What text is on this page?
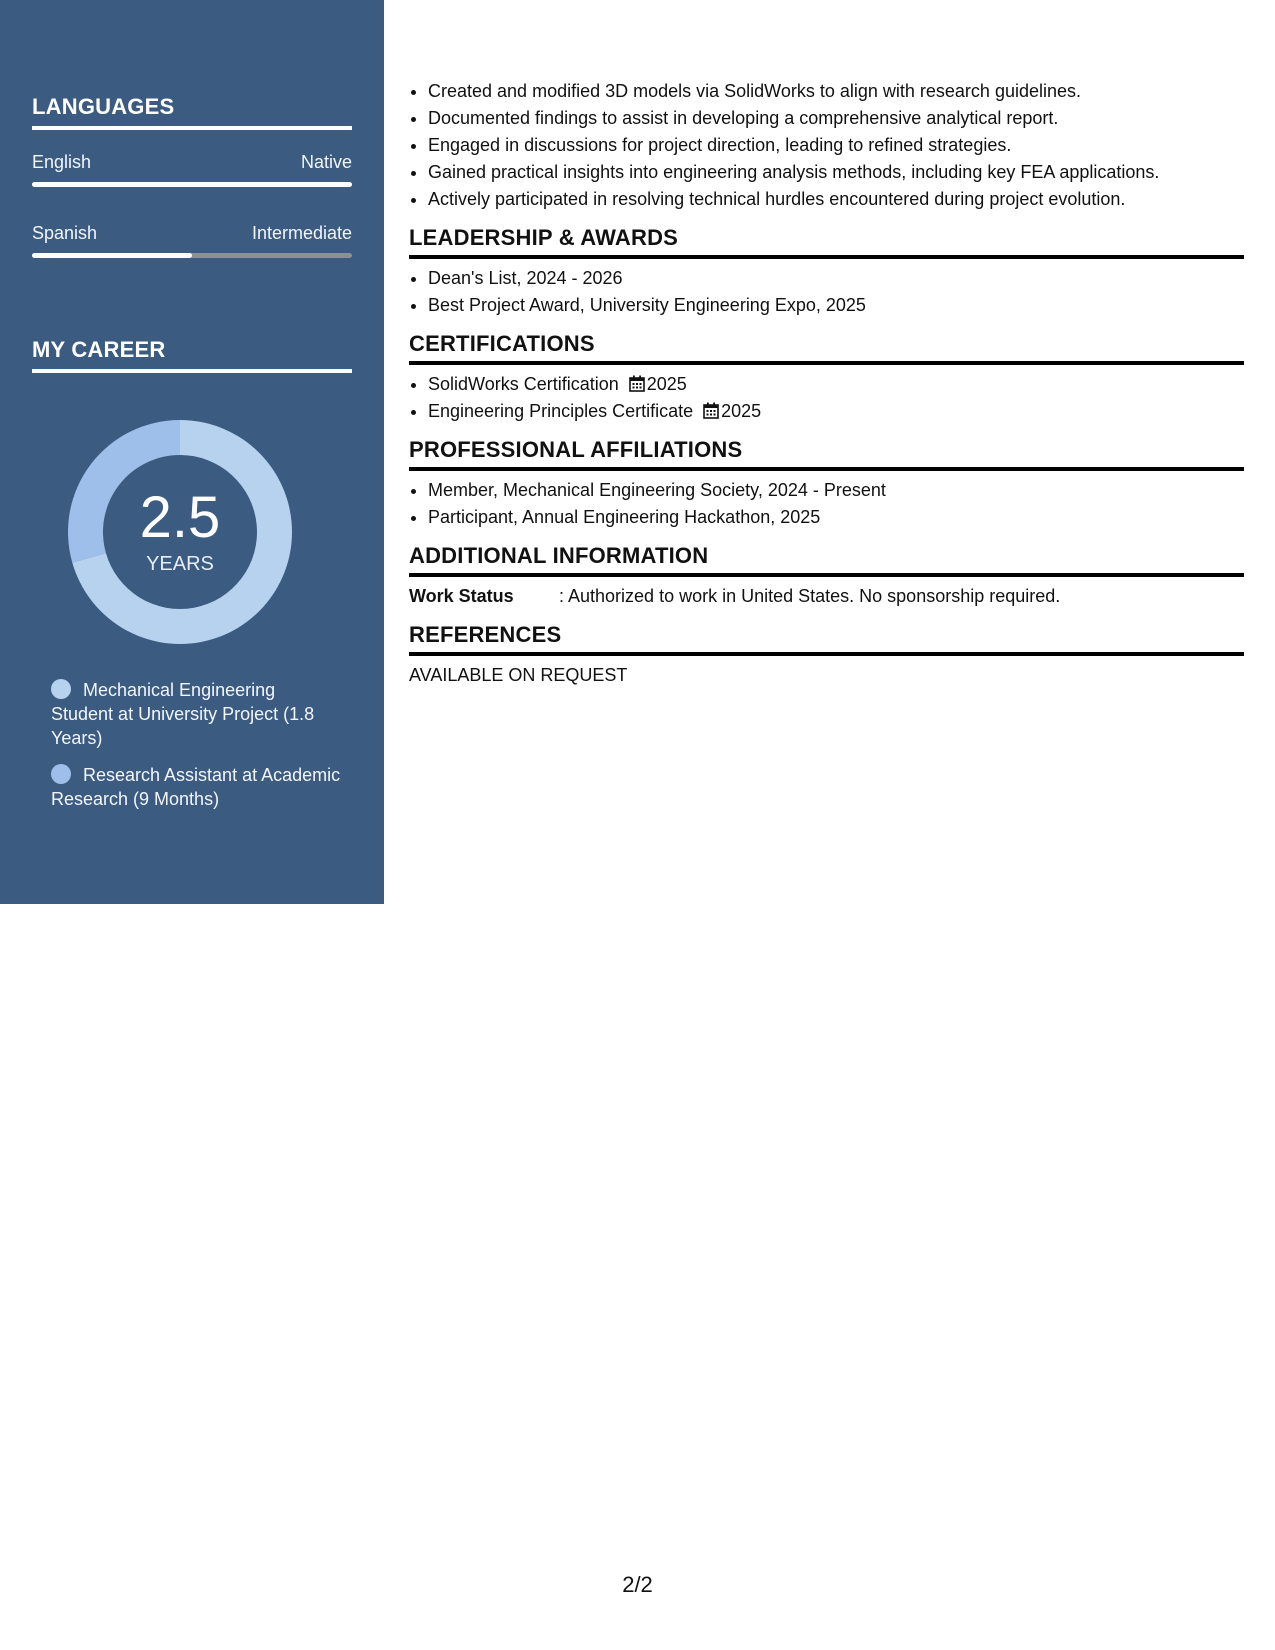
LANGUAGES
English	Native
Spanish	Intermediate
MY CAREER
2.5
YEARS
Mechanical Engineering Student at University Project (1.8 Years)
Research Assistant at Academic Research (9 Months)
• Created and modified 3D models via SolidWorks to align with research guidelines.
• Documented findings to assist in developing a comprehensive analytical report.
• Engaged in discussions for project direction, leading to refined strategies.
• Gained practical insights into engineering analysis methods, including key FEA applications.
• Actively participated in resolving technical hurdles encountered during project evolution.
LEADERSHIP & AWARDS
• Dean's List, 2024 - 2026
• Best Project Award, University Engineering Expo, 2025
CERTIFICATIONS
• SolidWorks Certification 2025
• Engineering Principles Certificate 2025
PROFESSIONAL AFFILIATIONS
• Member, Mechanical Engineering Society, 2024 - Present
• Participant, Annual Engineering Hackathon, 2025
ADDITIONAL INFORMATION
Work Status	: Authorized to work in United States. No sponsorship required.
REFERENCES
AVAILABLE ON REQUEST
2/2
